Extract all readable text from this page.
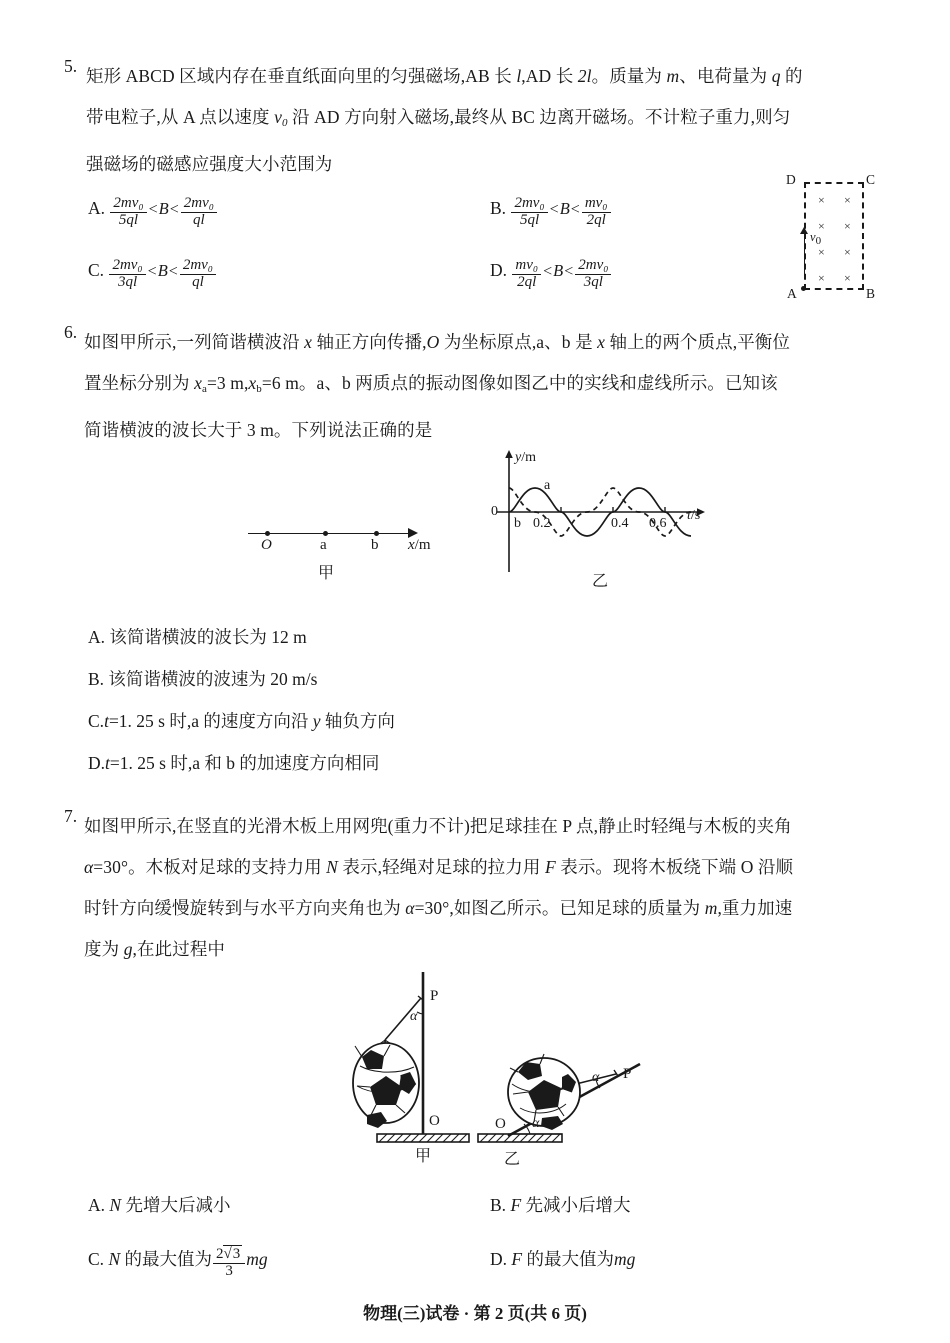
5. 矩形 ABCD 区域内存在垂直纸面向里的匀强磁场,AB 长 l,AD 长 2l。质量为 m、电荷量为 q 的
带电粒子,从 A 点以速度 $v_0$ 沿 AD 方向射入磁场,最终从 BC 边离开磁场。不计粒子重力,则匀
强磁场的磁感应强度大小范围为
A. $\frac{\text{2mv₀}}{5ql} <B< \frac{\text{2mv₀}}{ql}$	B. $\frac{\text{2mv₀}}{5ql} <B< \frac{\text{mv₀}}{2ql}$
C. $\frac{\text{2mv₀}}{3ql} <B< \frac{\text{2mv₀}}{ql}$	D. $\frac{\text{mv₀}}{2ql} <B< \frac{\text{2mv₀}}{3ql}$
D	C
A	B
× ×
× ×
× ×
× ×
v0
6. 如图甲所示,一列简谐横波沿 x 轴正方向传播,O 为坐标原点,a、b 是 x 轴上的两个质点,平衡位
置坐标分别为 $x_a=3$ $m,x_b=6$ m。a、b 两质点的振动图像如图乙中的实线和虚线所示。已知该
简谐横波的波长大于 3 m。下列说法正确的是
O	a	b x/m
甲
y/m
0	t/s
a
b 0.2	0.4 0.6
乙
A. 该简谐横波的波长为 12 m
B. 该简谐横波的波速为 20 m/s
C.t=1. 25 s 时,a 的速度方向沿 y 轴负方向
D.t=1. 25 s 时,a 和 b 的加速度方向相同
7. 如图甲所示,在竖直的光滑木板上用网兜(重力不计)把足球挂在 P 点,静止时轻绳与木板的夹角
α=30°。木板对足球的支持力用 N 表示,轻绳对足球的拉力用 F 表示。现将木板绕下端 O 沿顺
时针方向缓慢旋转到与水平方向夹角也为 α=30°,如图乙所示。已知足球的质量为 m,重力加速
度为 g,在此过程中
P
α
O
甲
P
α
O α
乙
A. N 先增大后减小	B. F 先减小后增大
C. N 的最大值为 $\frac{2√3}{3}$ mg	D. F 的最大值为mg
物理(三)试卷 · 第 2 页(共 6 页)
